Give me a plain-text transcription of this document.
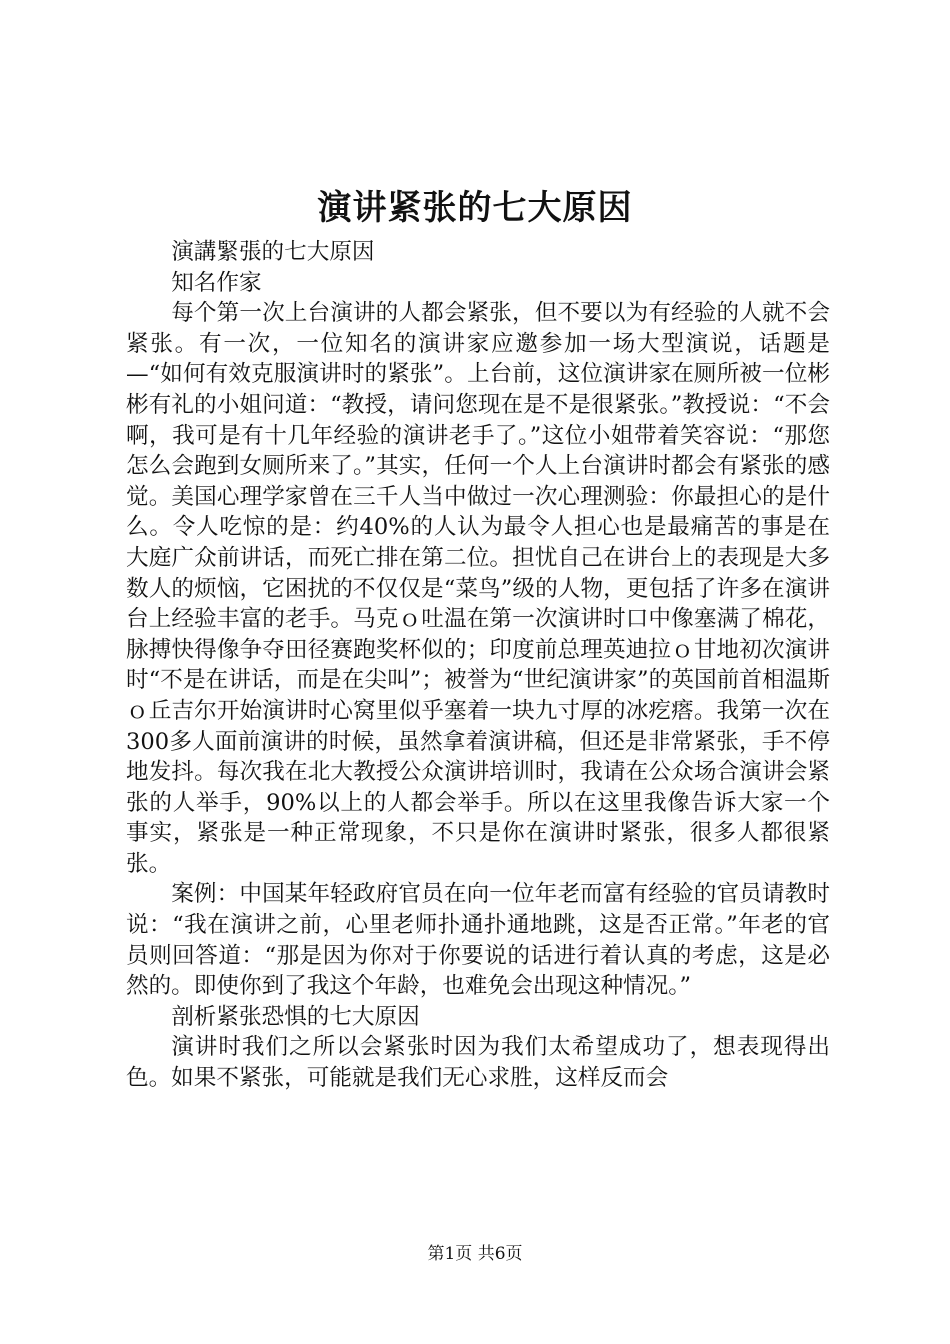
演讲紧张的七大原因

演講緊張的七大原因

知名作家

每个第一次上台演讲的人都会紧张，但不要以为有经验的人就不会紧张。有一次，一位知名的演讲家应邀参加一场大型演说，话题是—“如何有效克服演讲时的紧张”。上台前，这位演讲家在厕所被一位彬彬有礼的小姐问道：“教授，请问您现在是不是很紧张。”教授说：“不会啊，我可是有十几年经验的演讲老手了。”这位小姐带着笑容说：“那您怎么会跑到女厕所来了。”其实，任何一个人上台演讲时都会有紧张的感觉。美国心理学家曾在三千人当中做过一次心理测验：你最担心的是什么。令人吃惊的是：约40%的人认为最令人担心也是最痛苦的事是在大庭广众前讲话，而死亡排在第二位。担忧自己在讲台上的表现是大多数人的烦恼，它困扰的不仅仅是“菜鸟”级的人物，更包括了许多在演讲台上经验丰富的老手。马克ｏ吐温在第一次演讲时口中像塞满了棉花，脉搏快得像争夺田径赛跑奖杯似的；印度前总理英迪拉ｏ甘地初次演讲时“不是在讲话，而是在尖叫”；被誉为“世纪演讲家”的英国前首相温斯ｏ丘吉尔开始演讲时心窝里似乎塞着一块九寸厚的冰疙瘩。我第一次在300多人面前演讲的时候，虽然拿着演讲稿，但还是非常紧张，手不停地发抖。每次我在北大教授公众演讲培训时，我请在公众场合演讲会紧张的人举手，90%以上的人都会举手。所以在这里我像告诉大家一个事实，紧张是一种正常现象，不只是你在演讲时紧张，很多人都很紧张。

案例：中国某年轻政府官员在向一位年老而富有经验的官员请教时说：“我在演讲之前，心里老师扑通扑通地跳，这是否正常。”年老的官员则回答道：“那是因为你对于你要说的话进行着认真的考虑，这是必然的。即使你到了我这个年龄，也难免会出现这种情况。”

剖析紧张恐惧的七大原因

演讲时我们之所以会紧张时因为我们太希望成功了，想表现得出色。如果不紧张，可能就是我们无心求胜，这样反而会

第1页 共6页
